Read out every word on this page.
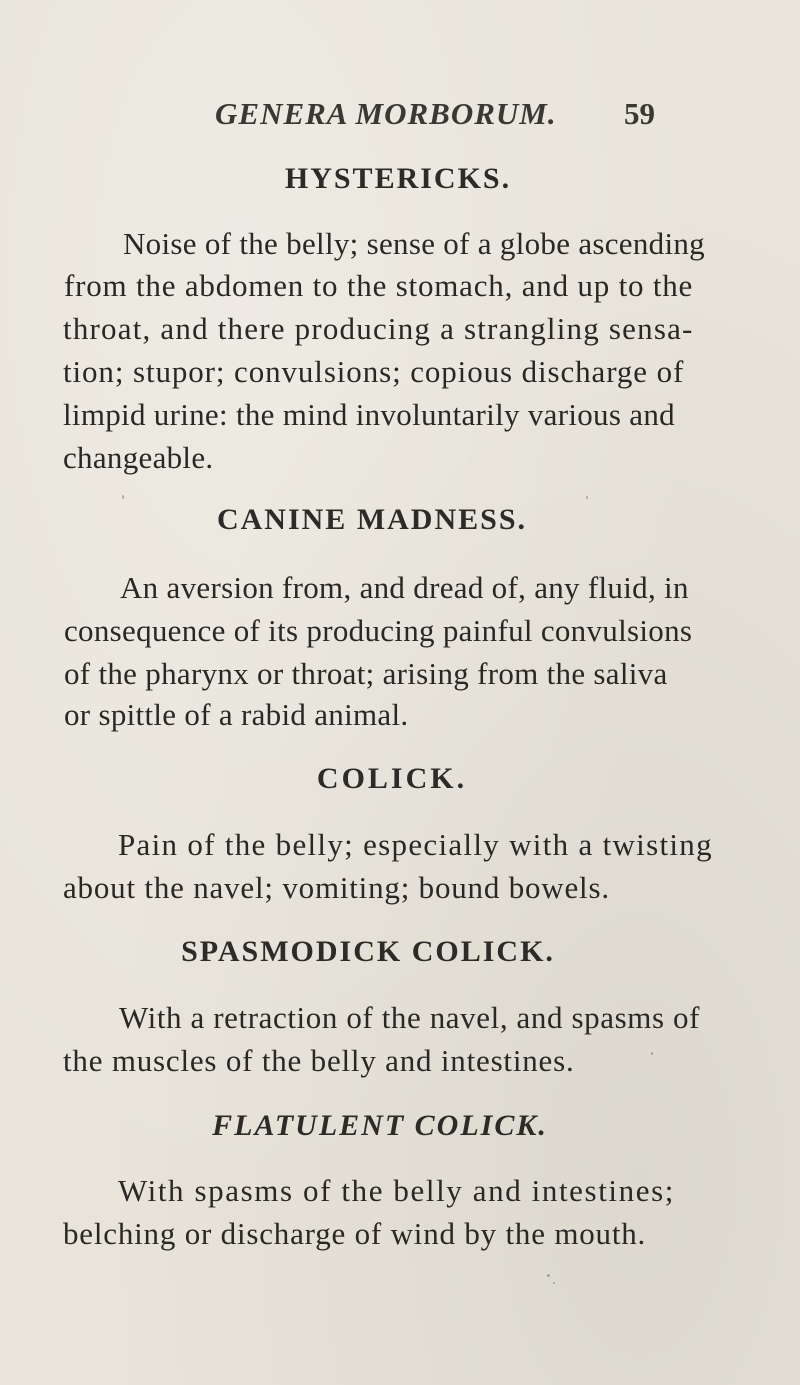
GENERA MORBORUM. 59
HYSTERICKS.
Noise of the belly; sense of a globe ascending
from the abdomen to the stomach, and up to the
throat, and there producing a strangling sensa-
tion; stupor; convulsions; copious discharge of
limpid urine: the mind involuntarily various and
changeable.
CANINE MADNESS.
An aversion from, and dread of, any fluid, in
consequence of its producing painful convulsions
of the pharynx or throat; arising from the saliva
or spittle of a rabid animal.
COLICK.
Pain of the belly; especially with a twisting
about the navel; vomiting; bound bowels.
SPASMODICK COLICK.
With a retraction of the navel, and spasms of
the muscles of the belly and intestines.
FLATULENT COLICK.
With spasms of the belly and intestines;
belching or discharge of wind by the mouth.
